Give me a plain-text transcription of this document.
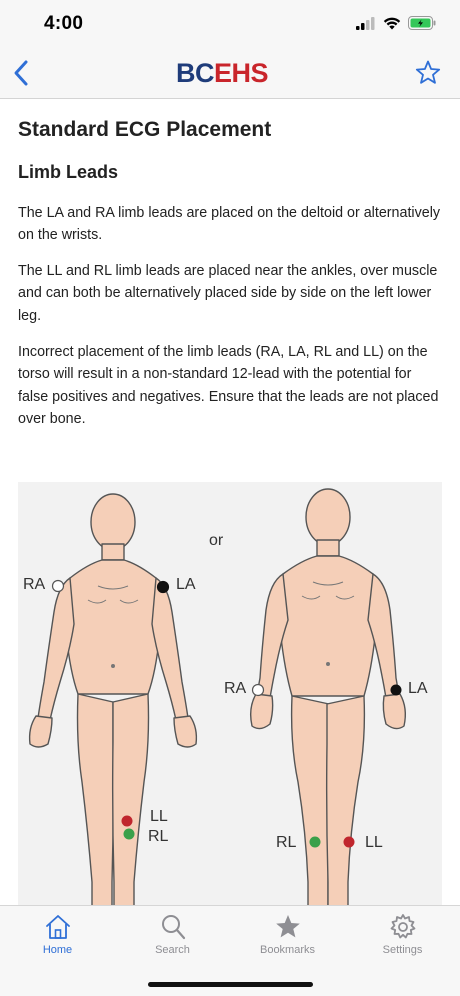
4:00
BCEHS
Standard ECG Placement
Limb Leads

The LA and RA limb leads are placed on the deltoid or alternatively on the wrists.

The LL and RL limb leads are placed near the ankles, over muscle and can both be alternatively placed side by side on the left lower leg.

Incorrect placement of the limb leads (RA, LA, RL and LL) on the torso will result in a non-standard 12-lead with the potential for false positives and negatives. Ensure that the leads are not placed over bone.

or
RA	LA
LL
RL
RA	LA
RL	LL
Home	Search	Bookmarks	Settings
